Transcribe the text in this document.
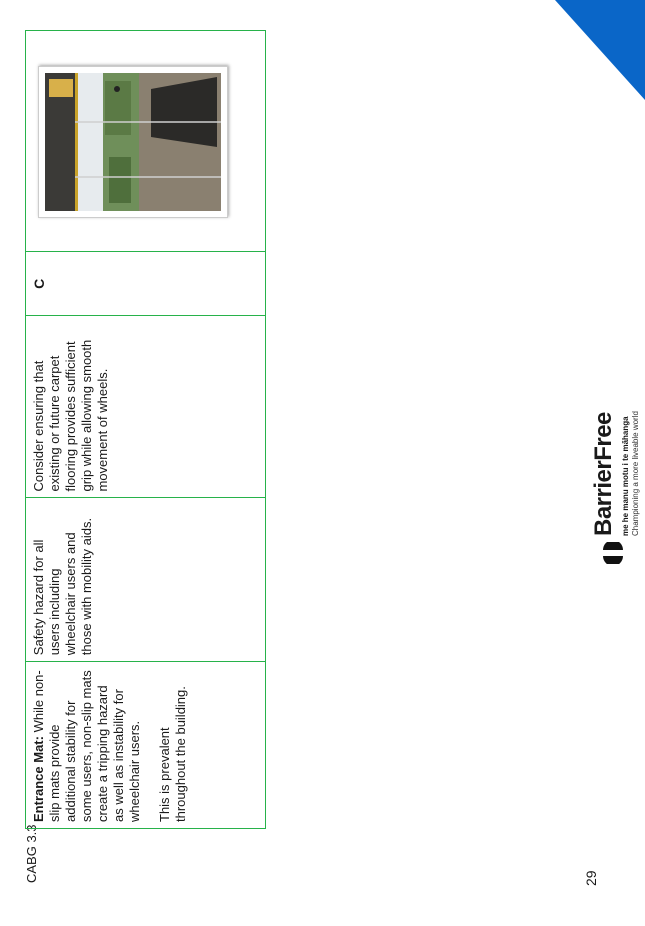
CABG 3.3
Entrance Mat: While non-slip mats provide additional stability for some users, non-slip mats create a tripping hazard as well as instability for wheelchair users. This is prevalent throughout the building.

Safety hazard for all users including wheelchair users and those with mobility aids.

Consider ensuring that existing or future carpet flooring provides sufficient grip while allowing smooth movement of wheels.
	C	
BarrierFree me he manu motu i te māhanga Championing a more liveable world
29
